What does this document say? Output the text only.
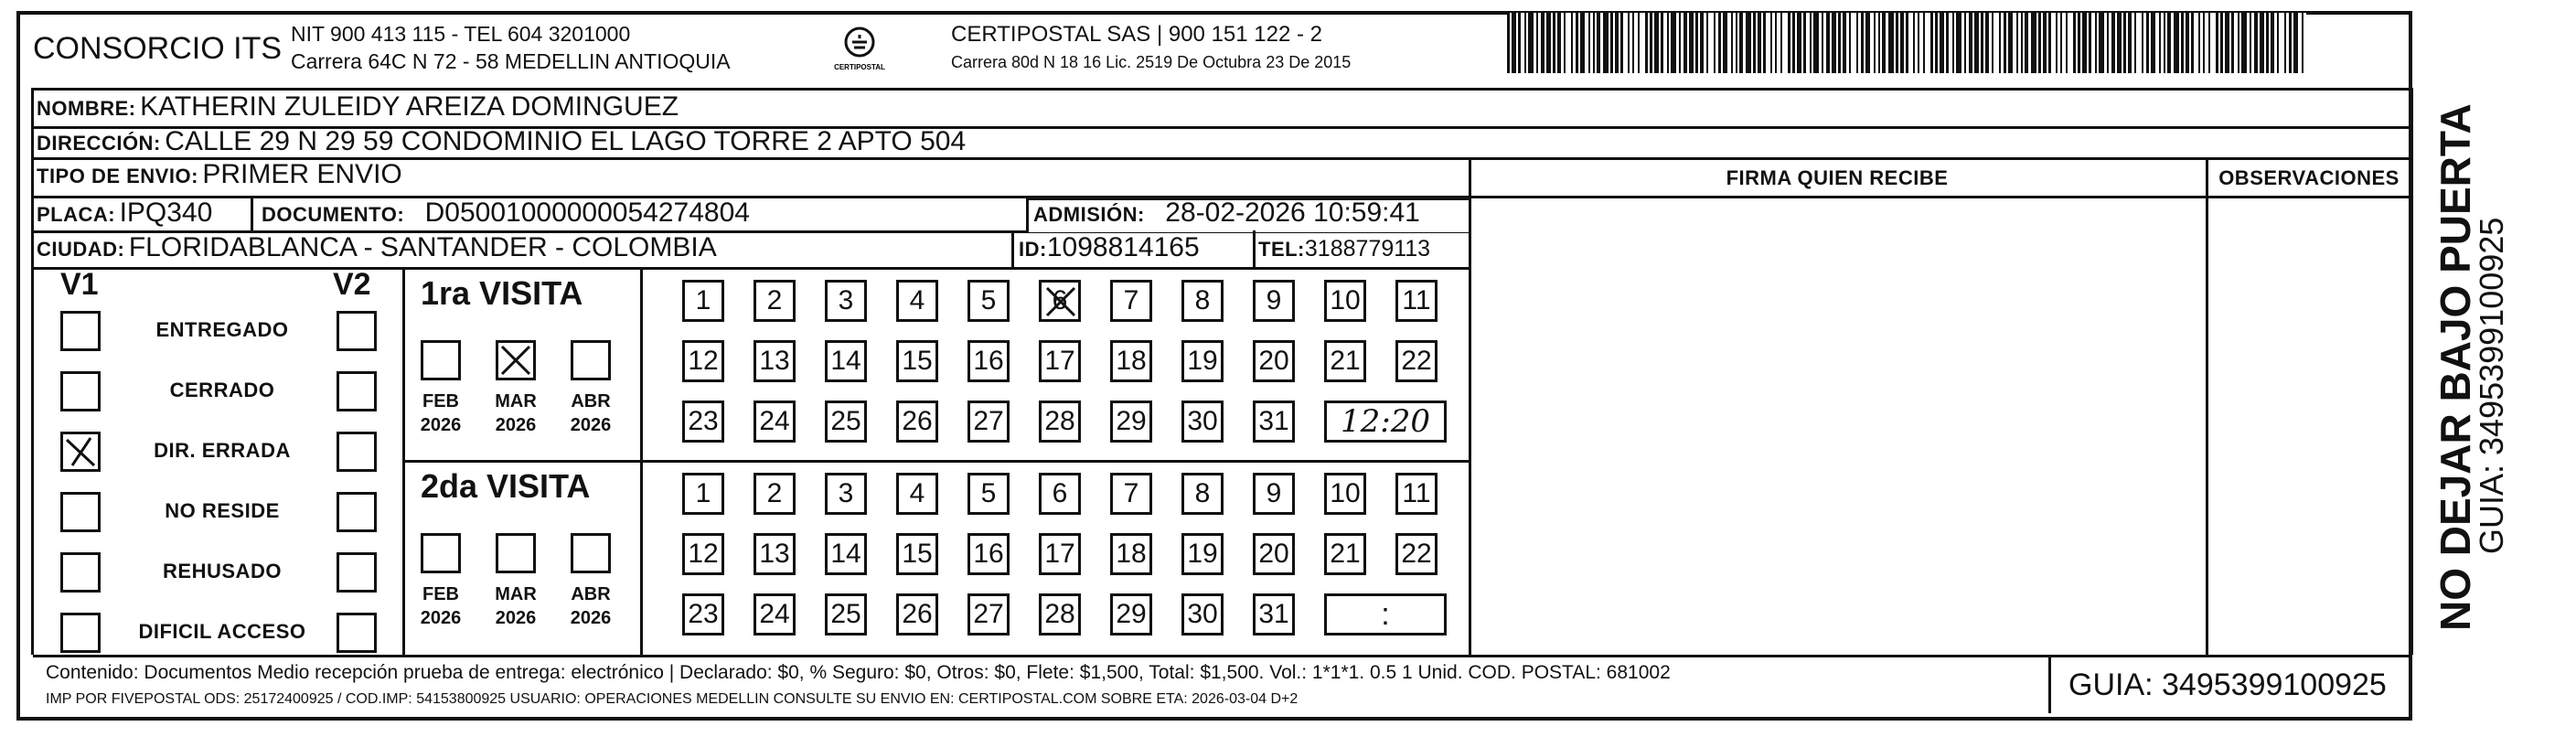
CONSORCIO ITS NIT 900 413 115 - TEL 604 3201000
Carrera 64C N 72 - 58 MEDELLIN ANTIOQUIA	CERTIPOSTAL
CERTIPOSTAL SAS | 900 151 122 - 2
Carrera 80d N 18 16 Lic. 2519 De Octubra 23 De 2015
NOMBRE: KATHERIN ZULEIDY AREIZA DOMINGUEZ
DIRECCIÓN: CALLE 29 N 29 59 CONDOMINIO EL LAGO TORRE 2 APTO 504
TIPO DE ENVIO: PRIMER ENVIO
PLACA: IPQ340 DOCUMENTO: D05001000000054274804	ADMISIÓN: 28-02-2026 10:59:41
CIUDAD: FLORIDABLANCA - SANTANDER - COLOMBIA	ID:1098814165	TEL:3188779113
FIRMA QUIEN RECIBE	OBSERVACIONES
V1	V2
ENTREGADO
CERRADO
DIR. ERRADA
NO RESIDE
REHUSADO
DIFICIL ACCESO
1ra VISITA
FEB
2026
MAR
2026
ABR
2026
1 2 3 4 5 6 7 8 9 10 11
12 13 14 15 16 17 18 19 20 21 22
23 24 25 26 27 28 29 30 31 12:20
2da VISITA
FEB
2026
MAR
2026
ABR
2026
1 2 3 4 5 6 7 8 9 10 11
12 13 14 15 16 17 18 19 20 21 22
23 24 25 26 27 28 29 30 31	:
Contenido: Documentos Medio recepción prueba de entrega: electrónico | Declarado: $0, % Seguro: $0, Otros: $0, Flete: $1,500, Total: $1,500. Vol.: 1*1*1. 0.5 1 Unid. COD. POSTAL: 681002
IMP POR FIVEPOSTAL ODS: 25172400925 / COD.IMP: 54153800925 USUARIO: OPERACIONES MEDELLIN CONSULTE SU ENVIO EN: CERTIPOSTAL.COM SOBRE ETA: 2026-03-04 D+2	GUIA: 3495399100925
NO DEJAR BAJO PUERTA
GUIA: 3495399100925
